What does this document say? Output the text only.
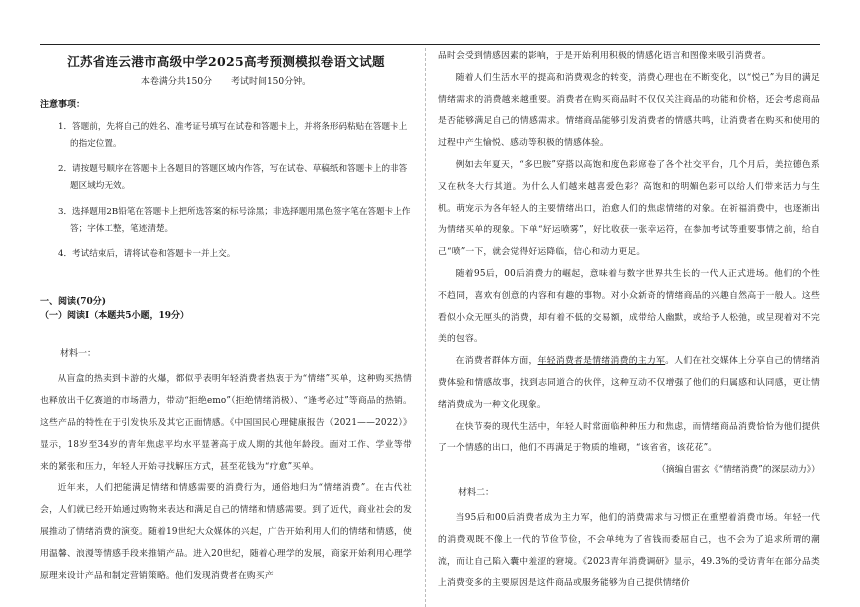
江苏省连云港市高级中学2025高考预测模拟卷语文试题
本卷满分共150分 考试时间150分钟。
注意事项：

1．答题前，先将自己的姓名、准考证号填写在试卷和答题卡上，并将条形码粘贴在答题卡上的指定位置。

2．请按题号顺序在答题卡上各题目的答题区域内作答，写在试卷、草稿纸和答题卡上的非答题区域均无效。

3．选择题用2B铅笔在答题卡上把所选答案的标号涂黑；非选择题用黑色签字笔在答题卡上作答；字体工整，笔迹清楚。

4．考试结束后，请将试卷和答题卡一并上交。

一、阅读(70分)
（一）阅读Ⅰ（本题共5小题，19分）
材料一：

从盲盒的热卖到卡游的火爆，都似乎表明年轻消费者热衷于为“情绪”买单，这种购买热情也释放出千亿赛道的市场潜力，带动“拒绝emo”（拒绝情绪消极）、“逢考必过”等商品的热销。这些产品的特性在于引发快乐及其它正面情感。《中国国民心理健康报告（2021——2022）》显示，18岁至34岁的青年焦虑平均水平显著高于成人期的其他年龄段。面对工作、学业等带来的紧张和压力，年轻人开始寻找解压方式，甚至花钱为“疗愈”买单。

近年来，人们把能满足情绪和情感需要的消费行为，通俗地归为“情绪消费”。在古代社会，人们就已经开始通过购物来表达和满足自己的情绪和情感需要。到了近代，商业社会的发展推动了情绪消费的演变。随着19世纪大众媒体的兴起，广告开始利用人们的情绪和情感，使用温馨、浪漫等情感手段来推销产品。进入20世纪，随着心理学的发展，商家开始利用心理学原理来设计产品和制定营销策略。他们发现消费者在购买产

品时会受到情感因素的影响，于是开始利用积极的情感化语言和图像来吸引消费者。

随着人们生活水平的提高和消费观念的转变，消费心理也在不断变化，以“悦己”为目的满足情绪需求的消费越来越重要。消费者在购买商品时不仅仅关注商品的功能和价格，还会考虑商品是否能够满足自己的情感需求。情绪商品能够引发消费者的情感共鸣，让消费者在购买和使用的过程中产生愉悦、感动等积极的情感体验。

例如去年夏天，“多巴胺”穿搭以高饱和度色彩席卷了各个社交平台，几个月后，美拉德色系又在秋冬大行其道。为什么人们越来越喜爱色彩？高饱和的明媚色彩可以给人们带来活力与生机。萌宠示为各年轻人的主要情绪出口，治愈人们的焦虑情绪的对象。在祈福消费中，也逐渐出为情绪买单的现象。下单“好运喷雾”，好比收获一张幸运符，在参加考试等重要事情之前，给自己“喷”一下，就会觉得好运降临，信心和动力更足。

随着95后，00后消费力的崛起，意味着与数字世界共生长的一代人正式进场。他们的个性不趋同，喜欢有创意的内容和有趣的事物。对小众新奇的情绪商品的兴趣自然高于一般人。这些看似小众无厘头的消费，却有着不低的交易额，成带给人幽默，或给予人松弛，或呈现着对不完美的包容。

在消费者群体方面，年轻消费者是情绪消费的主力军。人们在社交媒体上分享自己的情绪消费体验和情感故事，找到志同道合的伙伴，这种互动不仅增强了他们的归属感和认同感，更让情绪消费成为一种文化现象。

在快节奏的现代生活中，年轻人时常面临种种压力和焦虑，而情绪商品消费恰恰为他们提供了一个情感的出口，他们不再满足于物质的堆砌，“该省省，该花花”。

（摘编自雷玄《“情绪消费”的深层动力》）

材料二：

当95后和00后消费者成为主力军，他们的消费需求与习惯正在重塑着消费市场。年轻一代的消费观既不像上一代的节俭节俭，不会单纯为了省钱而委屈自己，也不会为了追求所谓的潮流，而让自己陷入囊中羞涩的窘境。《2023青年消费调研》显示，49.3%的受访青年在部分品类上消费变多的主要原因是这件商品或服务能够为自己提供情绪价
